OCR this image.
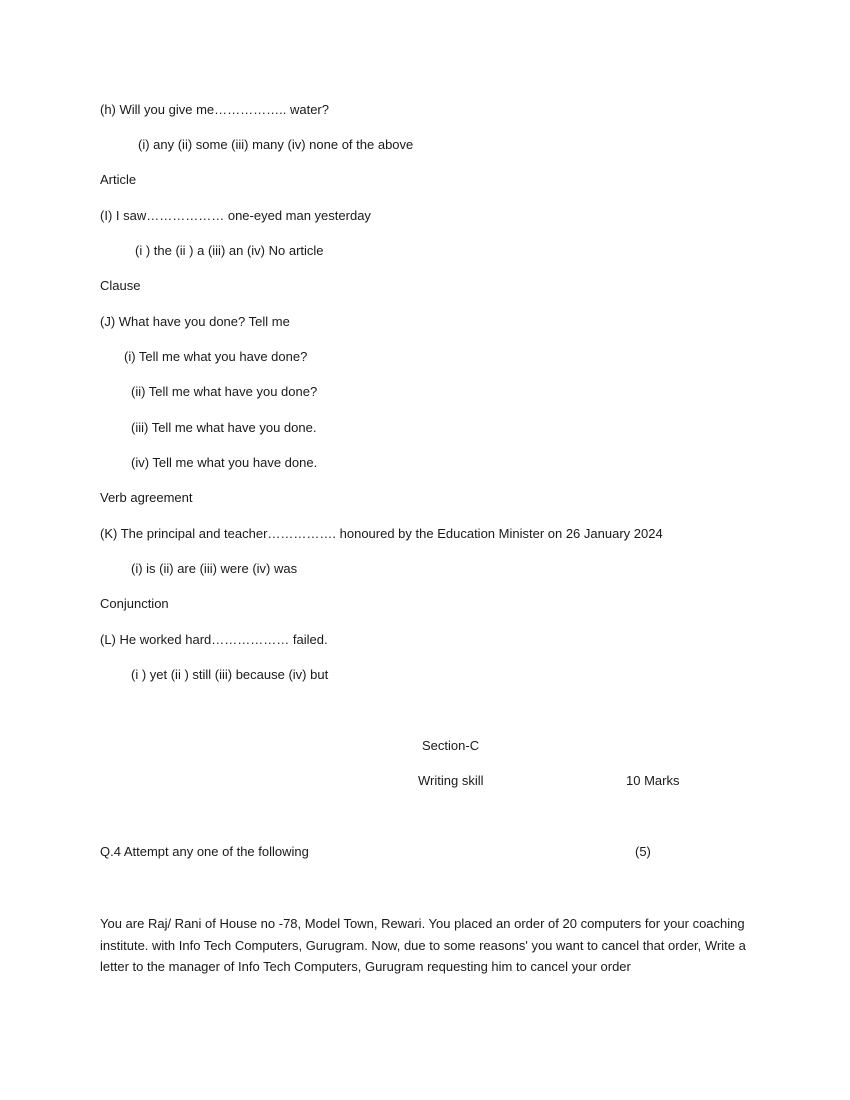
(h) Will you give me…………….. water?
(i) any (ii) some (iii) many (iv) none of the above
Article
(I) I saw……………… one-eyed man yesterday
(i ) the (ii ) a (iii) an (iv) No article
Clause
(J) What have you done? Tell me
(i) Tell me what you have done?
(ii) Tell me what have you done?
(iii) Tell me what have you done.
(iv) Tell me what you have done.
Verb agreement
(K) The principal and teacher……………. honoured by the Education Minister on 26 January 2024
(i) is (ii) are (iii) were (iv) was
Conjunction
(L) He worked hard……………… failed.
(i ) yet (ii ) still (iii) because (iv) but
Section-C
Writing skill	10 Marks
Q.4 Attempt any one of the following	(5)
You are Raj/ Rani of House no -78, Model Town, Rewari. You placed an order of 20 computers for your coaching institute. with Info Tech Computers, Gurugram. Now, due to some reasons' you want to cancel that order, Write a letter to the manager of Info Tech Computers, Gurugram requesting him to cancel your order
